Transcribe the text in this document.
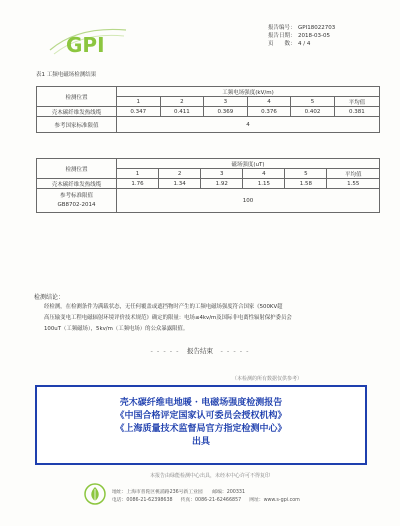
GPI
报告编号： GPI18022703
报告日期： 2018-03-05
页　　数： 4 / 4
表1 工频电磁场检测结果
检测位置	工频电场强度(kV/m)					
	1	2	3	4	5	平均值
壳木碳纤维发热线缆	0.347	0.411	0.369	0.376	0.402	0.381
参考国家标准限值	4					
检测位置	磁场强度(uT)					
	1	2	3	4	5	平均值
壳木碳纤维发热线缆	1.76	1.34	1.92	1.15	1.58	1.55

参考标准限值
GB8702-2014	100					
检测结论：
经检测，在检测条件为满载状态，无任何覆盖或遮挡物时产生的工频电磁场强度符合国家《500KV超
高压输变电工程电磁辐射环境评价技术规范》确定的限量：电场≤4kv/m及国际非电离性辐射保护委员会
100uT（工频磁场），5kv/m（工频电场）的公众暴露限值。
- - - - -　报告结束　- - - - -
（本检测的所有数据仅供参考）
壳木碳纤维电地暖 · 电磁场强度检测报告
《中国合格评定国家认可委员会授权机构》
《上海质量技术监督局官方指定检测中心》
出具
本报告由绿能检测中心出具，未经本中心许可不得复印
地址：上海市普陀区桃浦路236号新工业园　　邮编：200331
电话：0086-21-62398638 传真：0086-21-62466857 网址：www.s-gpi.com
